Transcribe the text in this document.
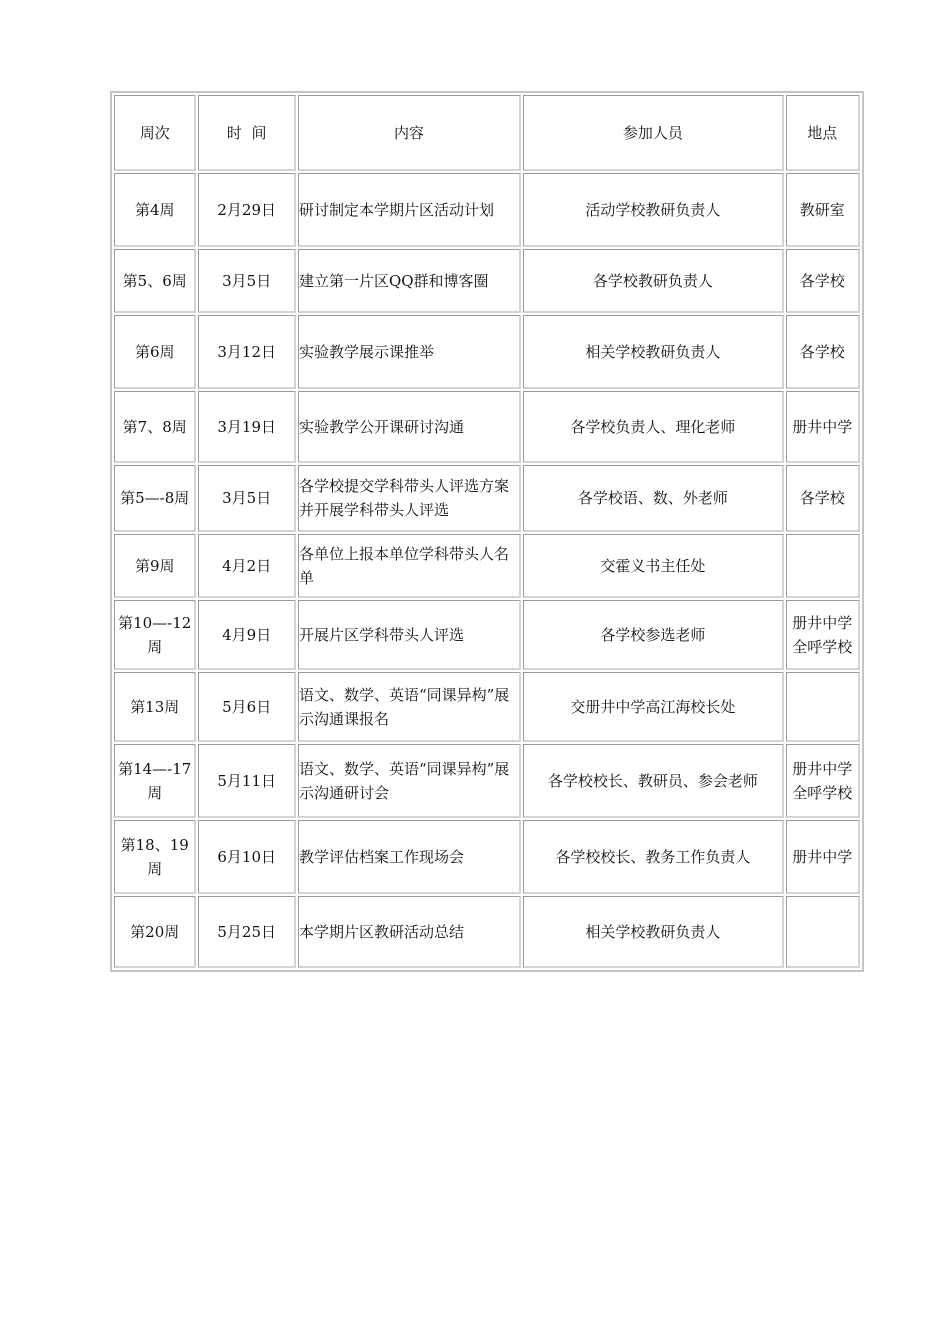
周次	时  间	内容	参加人员	地点
第4周	2月29日	研讨制定本学期片区活动计划	活动学校教研负责人	教研室
第5、6周	3月5日	建立第一片区QQ群和博客圈	各学校教研负责人	各学校
第6周	3月12日	实验教学展示课推举	相关学校教研负责人	各学校
第7、8周	3月19日	实验教学公开课研讨沟通	各学校负责人、理化老师	册井中学
第5—-8周	3月5日	各学校提交学科带头人评选方案并开展学科带头人评选	各学校语、数、外老师	各学校
第9周	4月2日	各单位上报本单位学科带头人名单	交霍义书主任处	
第10—-12周	4月9日	开展片区学科带头人评选	各学校参选老师	册井中学全呼学校
第13周	5月6日	语文、数学、英语“同课异构”展示沟通课报名	交册井中学高江海校长处	
第14—-17周	5月11日	语文、数学、英语“同课异构”展示沟通研讨会	各学校校长、教研员、参会老师	册井中学全呼学校
第18、19周	6月10日	教学评估档案工作现场会	各学校校长、教务工作负责人	册井中学
第20周	5月25日	本学期片区教研活动总结	相关学校教研负责人	
